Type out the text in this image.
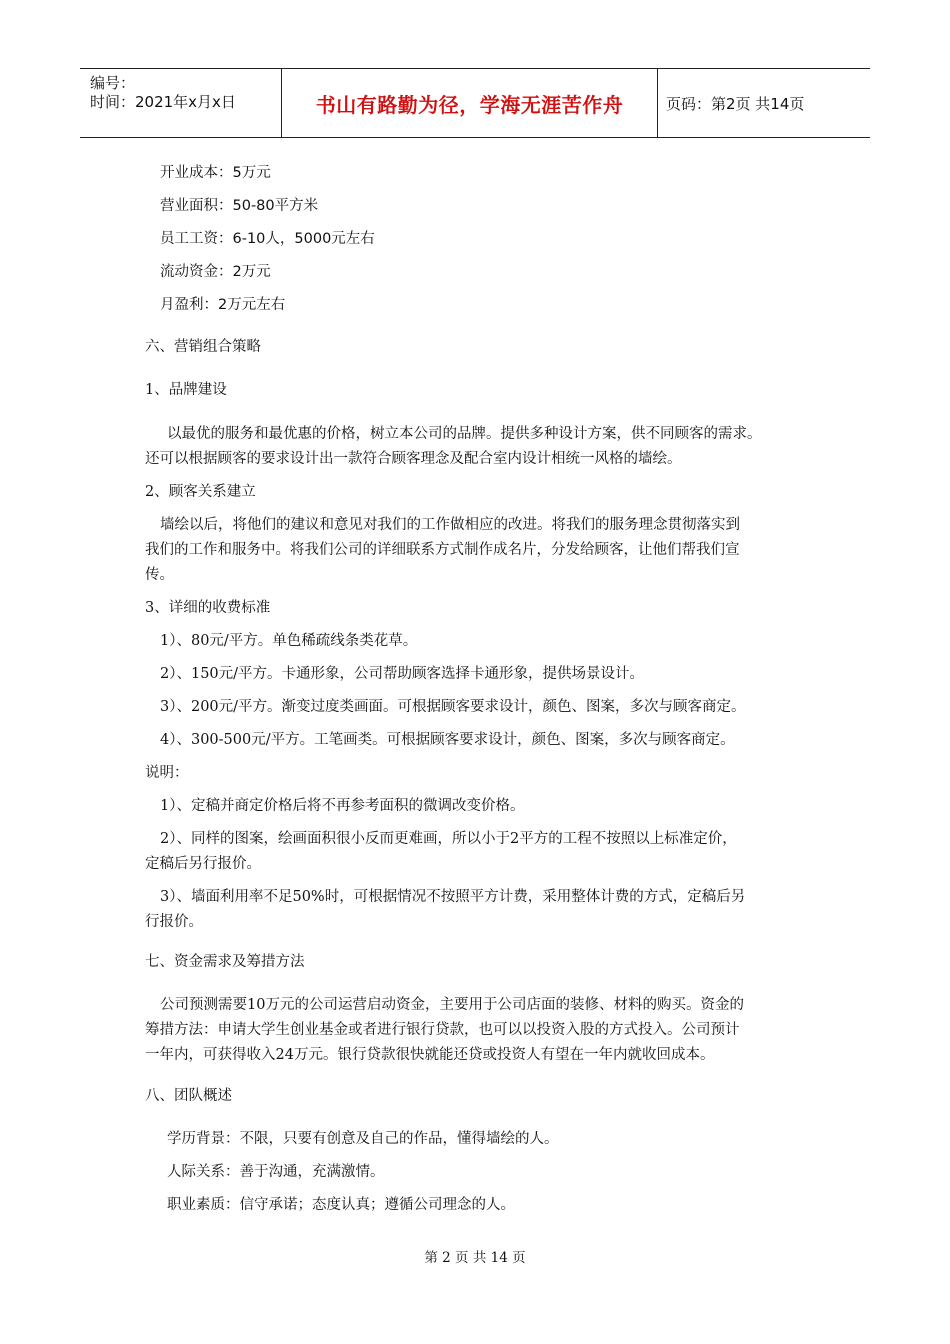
编号：
时间：2021年x月x日	书山有路勤为径，学海无涯苦作舟	页码：第2页 共14页
开业成本：5万元
营业面积：50-80平方米
员工工资：6-10人，5000元左右
流动资金：2万元
月盈利：2万元左右
六、营销组合策略
1、品牌建设
以最优的服务和最优惠的价格，树立本公司的品牌。提供多种设计方案，供不同顾客的需求。
还可以根据顾客的要求设计出一款符合顾客理念及配合室内设计相统一风格的墙绘。
2、顾客关系建立
墙绘以后，将他们的建议和意见对我们的工作做相应的改进。将我们的服务理念贯彻落实到
我们的工作和服务中。将我们公司的详细联系方式制作成名片，分发给顾客，让他们帮我们宣
传。
3、详细的收费标准
1）、80元/平方。单色稀疏线条类花草。
2）、150元/平方。卡通形象，公司帮助顾客选择卡通形象，提供场景设计。
3）、200元/平方。渐变过度类画面。可根据顾客要求设计，颜色、图案，多次与顾客商定。
4）、300-500元/平方。工笔画类。可根据顾客要求设计，颜色、图案，多次与顾客商定。
说明：
1）、定稿并商定价格后将不再参考面积的微调改变价格。
2）、同样的图案，绘画面积很小反而更难画，所以小于2平方的工程不按照以上标准定价，
定稿后另行报价。
3）、墙面利用率不足50%时，可根据情况不按照平方计费，采用整体计费的方式，定稿后另
行报价。
七、资金需求及筹措方法
公司预测需要10万元的公司运营启动资金，主要用于公司店面的装修、材料的购买。资金的
筹措方法：申请大学生创业基金或者进行银行贷款，也可以以投资入股的方式投入。公司预计
一年内，可获得收入24万元。银行贷款很快就能还贷或投资人有望在一年内就收回成本。
八、团队概述
学历背景：不限，只要有创意及自己的作品，懂得墙绘的人。
人际关系：善于沟通，充满激情。
职业素质：信守承诺；态度认真；遵循公司理念的人。
第 2 页 共 14 页
